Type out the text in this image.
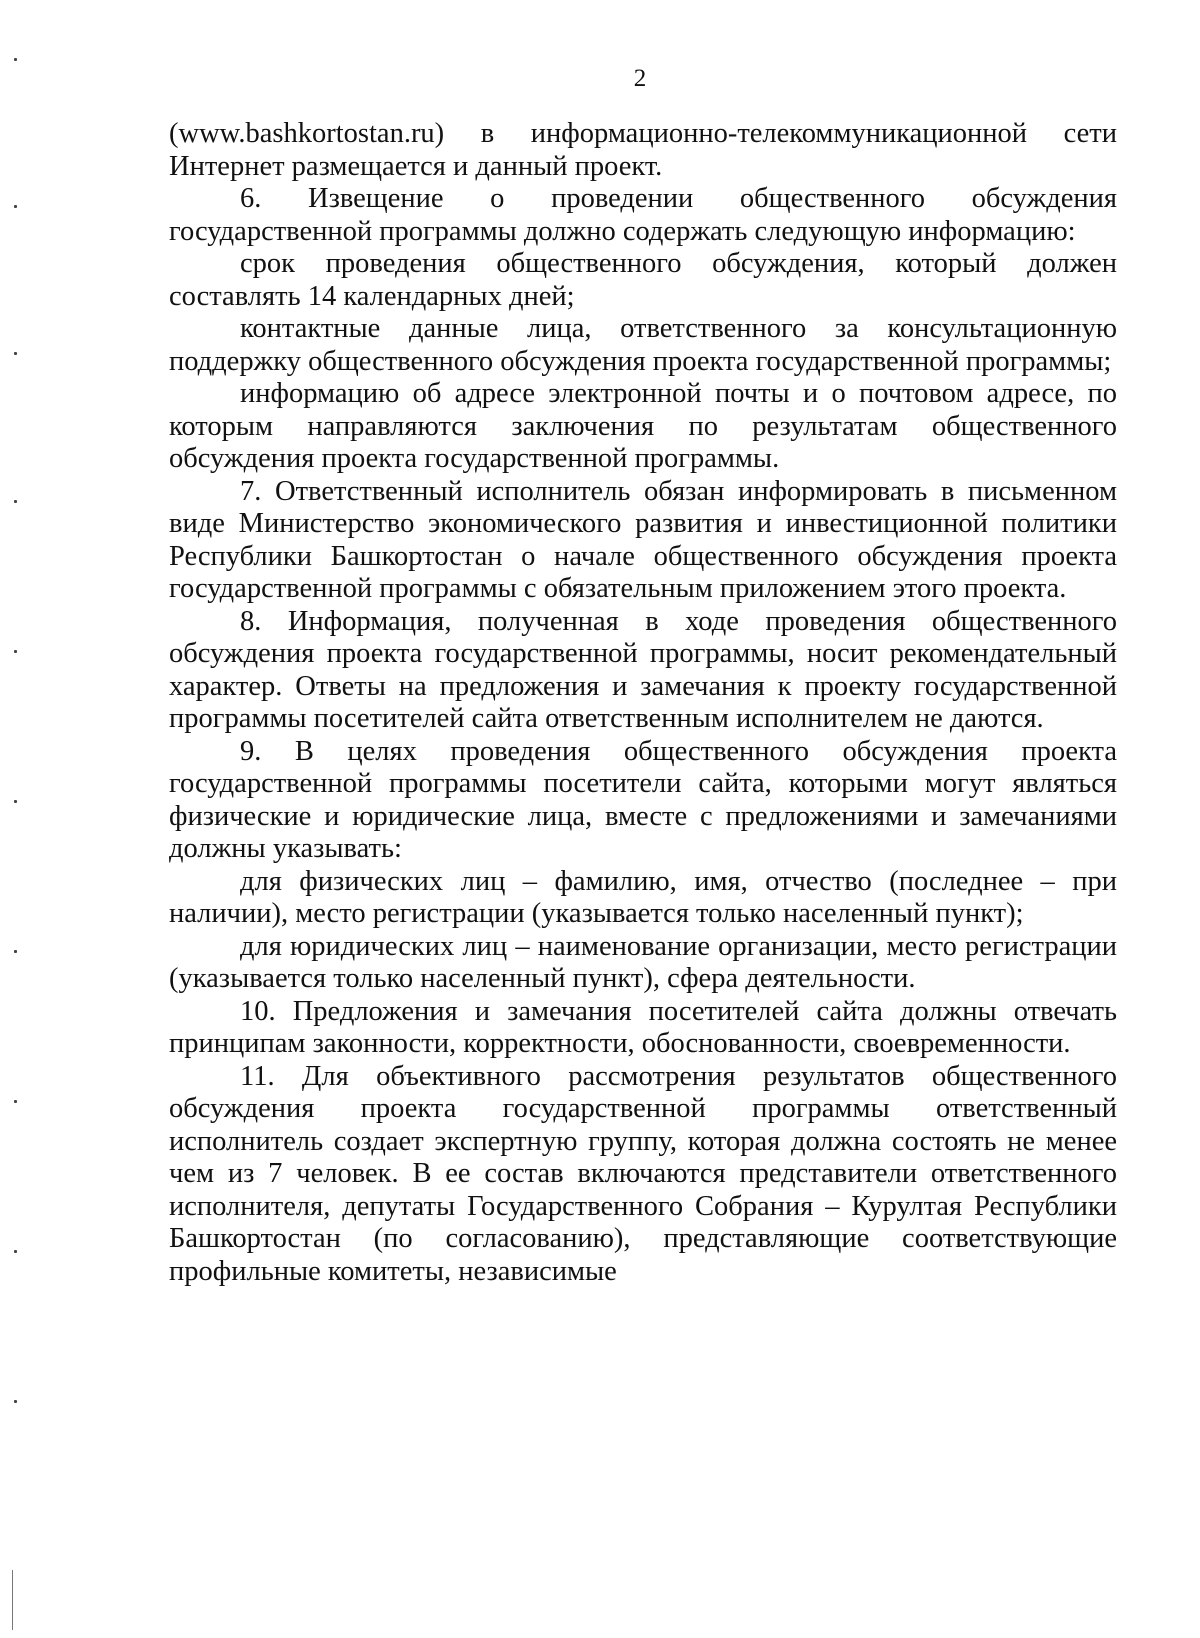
2

(www.bashkortostan.ru) в информационно-телекоммуникационной сети Интернет размещается и данный проект.

6. Извещение о проведении общественного обсуждения государственной программы должно содержать следующую информацию:

срок проведения общественного обсуждения, который должен составлять 14 календарных дней;

контактные данные лица, ответственного за консультационную поддержку общественного обсуждения проекта государственной программы;

информацию об адресе электронной почты и о почтовом адресе, по которым направляются заключения по результатам общественного обсуждения проекта государственной программы.

7. Ответственный исполнитель обязан информировать в письменном виде Министерство экономического развития и инвестиционной политики Республики Башкортостан о начале общественного обсуждения проекта государственной программы с обязательным приложением этого проекта.

8. Информация, полученная в ходе проведения общественного обсуждения проекта государственной программы, носит рекомендательный характер. Ответы на предложения и замечания к проекту государственной программы посетителей сайта ответственным исполнителем не даются.

9. В целях проведения общественного обсуждения проекта государственной программы посетители сайта, которыми могут являться физические и юридические лица, вместе с предложениями и замечаниями должны указывать:

для физических лиц – фамилию, имя, отчество (последнее – при наличии), место регистрации (указывается только населенный пункт);

для юридических лиц – наименование организации, место регистрации (указывается только населенный пункт), сфера деятельности.

10. Предложения и замечания посетителей сайта должны отвечать принципам законности, корректности, обоснованности, своевременности.

11. Для объективного рассмотрения результатов общественного обсуждения проекта государственной программы ответственный исполнитель создает экспертную группу, которая должна состоять не менее чем из 7 человек. В ее состав включаются представители ответственного исполнителя, депутаты Государственного Собрания – Курултая Республики Башкортостан (по согласованию), представляющие соответствующие профильные комитеты, независимые
